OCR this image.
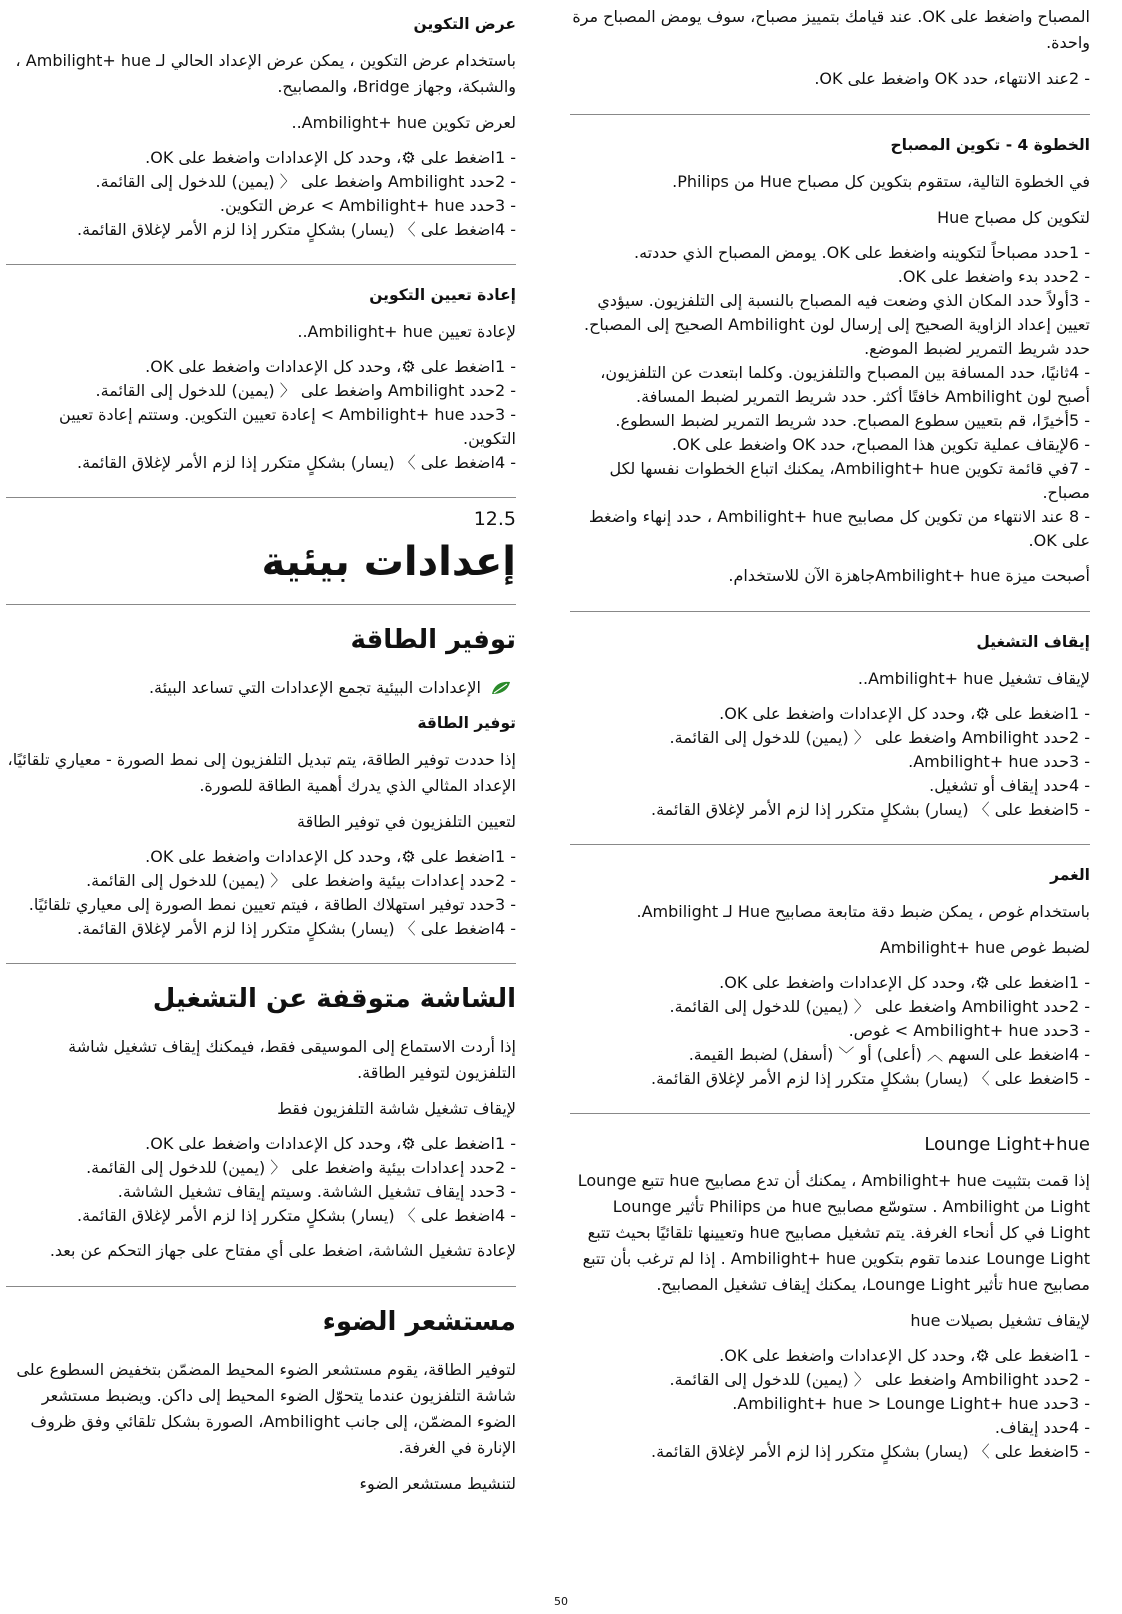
المصباح واضغط على OK. عند قيامك بتمييز مصباح، سوف يومض المصباح مرة واحدة.

- 2عند الانتهاء، حدد OK واضغط على OK.

الخطوة 4 - تكوين المصباح

في الخطوة التالية، ستقوم بتكوين كل مصباح Hue من Philips.

لتكوين كل مصباح Hue

- 1حدد مصباحاً لتكوينه واضغط على OK. يومض المصباح الذي حددته.
- 2حدد بدء واضغط على OK.
- 3أولاً حدد المكان الذي وضعت فيه المصباح بالنسبة إلى التلفزيون. سيؤدي تعيين إعداد الزاوية الصحيح إلى إرسال لون Ambilight الصحيح إلى المصباح. حدد شريط التمرير لضبط الموضع.
- 4ثانيًا، حدد المسافة بين المصباح والتلفزيون. وكلما ابتعدت عن التلفزيون، أصبح لون Ambilight خافتًا أكثر. حدد شريط التمرير لضبط المسافة.
- 5أخيرًا، قم بتعيين سطوع المصباح. حدد شريط التمرير لضبط السطوع.
- 6لإيقاف عملية تكوين هذا المصباح، حدد OK واضغط على OK.
- 7في قائمة تكوين Ambilight+ hue، يمكنك اتباع الخطوات نفسها لكل مصباح.
- 8 عند الانتهاء من تكوين كل مصابيح Ambilight+ hue ، حدد إنهاء واضغط على OK.

أصبحت ميزة Ambilight+ hueجاهزة الآن للاستخدام.

إيقاف التشغيل

لإيقاف تشغيل Ambilight+ hue..

- 1اضغط على ⚙، وحدد كل الإعدادات واضغط على OK.
- 2حدد Ambilight واضغط على 〈 (يمين) للدخول إلى القائمة.
- 3حدد Ambilight+ hue.
- 4حدد إيقاف أو تشغيل.
- 5اضغط على 〉 (يسار) بشكلٍ متكرر إذا لزم الأمر لإغلاق القائمة.

الغمر

باستخدام غوص ، يمكن ضبط دقة متابعة مصابيح Hue لـ Ambilight.

لضبط غوص Ambilight+ hue

- 1اضغط على ⚙، وحدد كل الإعدادات واضغط على OK.
- 2حدد Ambilight واضغط على 〈 (يمين) للدخول إلى القائمة.
- 3حدد Ambilight+ hue > غوص.
- 4اضغط على السهم ︿ (أعلى) أو ﹀ (أسفل) لضبط القيمة.
- 5اضغط على 〉 (يسار) بشكلٍ متكرر إذا لزم الأمر لإغلاق القائمة.

Lounge Light+hue

إذا قمت بتثبيت Ambilight+ hue ، يمكنك أن تدع مصابيح hue تتبع Lounge Light من Ambilight . ستوسّع مصابيح hue من Philips تأثير Lounge Light في كل أنحاء الغرفة. يتم تشغيل مصابيح hue وتعيينها تلقائيًا بحيث تتبع Lounge Light عندما تقوم بتكوين Ambilight+ hue . إذا لم ترغب بأن تتبع مصابيح hue تأثير Lounge Light، يمكنك إيقاف تشغيل المصابيح.

لإيقاف تشغيل بصيلات hue

- 1اضغط على ⚙، وحدد كل الإعدادات واضغط على OK.
- 2حدد Ambilight واضغط على 〈 (يمين) للدخول إلى القائمة.
- 3حدد Ambilight+ hue > Lounge Light+ hue.
- 4حدد إيقاف.
- 5اضغط على 〉 (يسار) بشكلٍ متكرر إذا لزم الأمر لإغلاق القائمة.

عرض التكوين

باستخدام عرض التكوين ، يمكن عرض الإعداد الحالي لـ Ambilight+ hue ، والشبكة، وجهاز Bridge، والمصابيح.

لعرض تكوين Ambilight+ hue..

- 1اضغط على ⚙، وحدد كل الإعدادات واضغط على OK.
- 2حدد Ambilight واضغط على 〈 (يمين) للدخول إلى القائمة.
- 3حدد Ambilight+ hue > عرض التكوين.
- 4اضغط على 〉 (يسار) بشكلٍ متكرر إذا لزم الأمر لإغلاق القائمة.

إعادة تعيين التكوين

لإعادة تعيين Ambilight+ hue..

- 1اضغط على ⚙، وحدد كل الإعدادات واضغط على OK.
- 2حدد Ambilight واضغط على 〈 (يمين) للدخول إلى القائمة.
- 3حدد Ambilight+ hue > إعادة تعيين التكوين. وستتم إعادة تعيين التكوين.
- 4اضغط على 〉 (يسار) بشكلٍ متكرر إذا لزم الأمر لإغلاق القائمة.

12.5

إعدادات بيئية

توفير الطاقة

الإعدادات البيئية تجمع الإعدادات التي تساعد البيئة.

توفير الطاقة

إذا حددت توفير الطاقة، يتم تبديل التلفزيون إلى نمط الصورة - معياري تلقائيًا، الإعداد المثالي الذي يدرك أهمية الطاقة للصورة.

لتعيين التلفزيون في توفير الطاقة

- 1اضغط على ⚙، وحدد كل الإعدادات واضغط على OK.
- 2حدد إعدادات بيئية واضغط على 〈 (يمين) للدخول إلى القائمة.
- 3حدد توفير استهلاك الطاقة ، فيتم تعيين نمط الصورة إلى معياري تلقائيًا.
- 4اضغط على 〉 (يسار) بشكلٍ متكرر إذا لزم الأمر لإغلاق القائمة.

الشاشة متوقفة عن التشغيل

إذا أردت الاستماع إلى الموسيقى فقط، فيمكنك إيقاف تشغيل شاشة التلفزيون لتوفير الطاقة.

لإيقاف تشغيل شاشة التلفزيون فقط

- 1اضغط على ⚙، وحدد كل الإعدادات واضغط على OK.
- 2حدد إعدادات بيئية واضغط على 〈 (يمين) للدخول إلى القائمة.
- 3حدد إيقاف تشغيل الشاشة. وسيتم إيقاف تشغيل الشاشة.
- 4اضغط على 〉 (يسار) بشكلٍ متكرر إذا لزم الأمر لإغلاق القائمة.

لإعادة تشغيل الشاشة، اضغط على أي مفتاح على جهاز التحكم عن بعد.

مستشعر الضوء

لتوفير الطاقة، يقوم مستشعر الضوء المحيط المضمّن بتخفيض السطوع على شاشة التلفزيون عندما يتحوّل الضوء المحيط إلى داكن. ويضبط مستشعر الضوء المضمّن، إلى جانب Ambilight، الصورة بشكل تلقائي وفق ظروف الإنارة في الغرفة.

لتنشيط مستشعر الضوء

50
